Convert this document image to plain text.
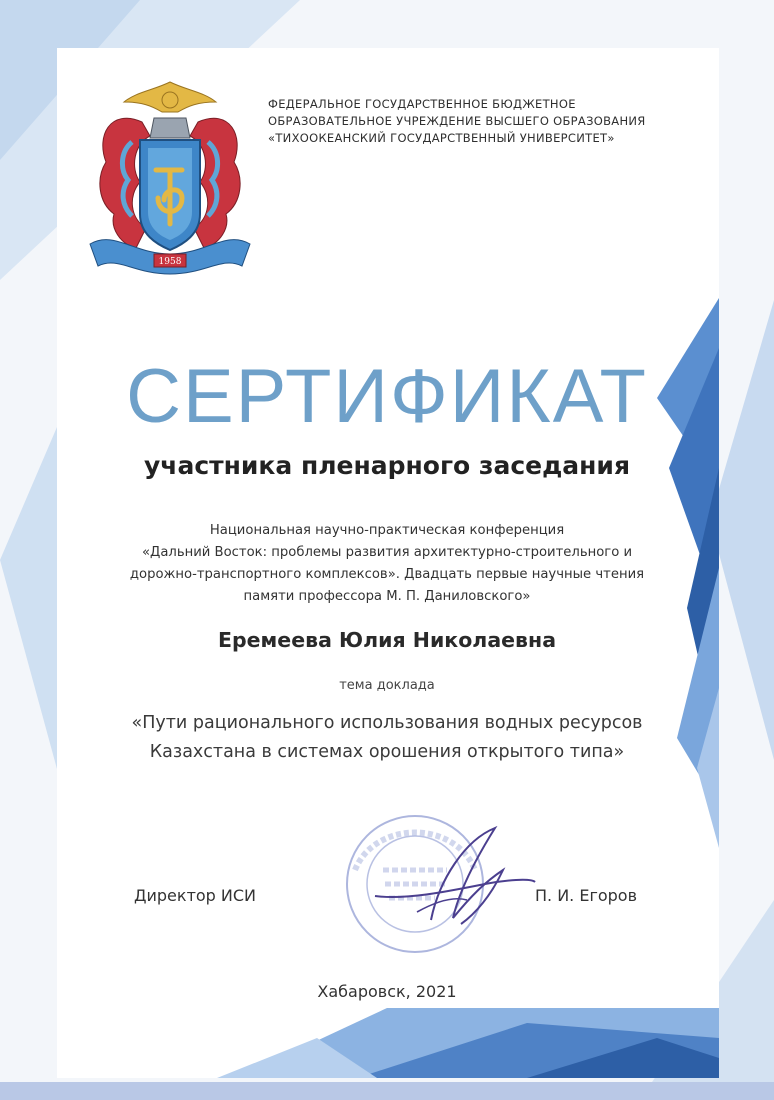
1958
ФЕДЕРАЛЬНОЕ ГОСУДАРСТВЕННОЕ БЮДЖЕТНОЕ
ОБРАЗОВАТЕЛЬНОЕ УЧРЕЖДЕНИЕ ВЫСШЕГО ОБРАЗОВАНИЯ
«ТИХООКЕАНСКИЙ ГОСУДАРСТВЕННЫЙ УНИВЕРСИТЕТ»
СЕРТИФИКАТ
участника пленарного заседания
Национальная научно-практическая конференция
«Дальний Восток: проблемы развития архитектурно-строительного и
дорожно-транспортного комплексов». Двадцать первые научные чтения
памяти профессора М. П. Даниловского»
Еремеева Юлия Николаевна
тема доклада
«Пути рационального использования водных ресурсов
Казахстана в системах орошения открытого типа»
Директор ИСИ	П. И. Егоров
Хабаровск, 2021
